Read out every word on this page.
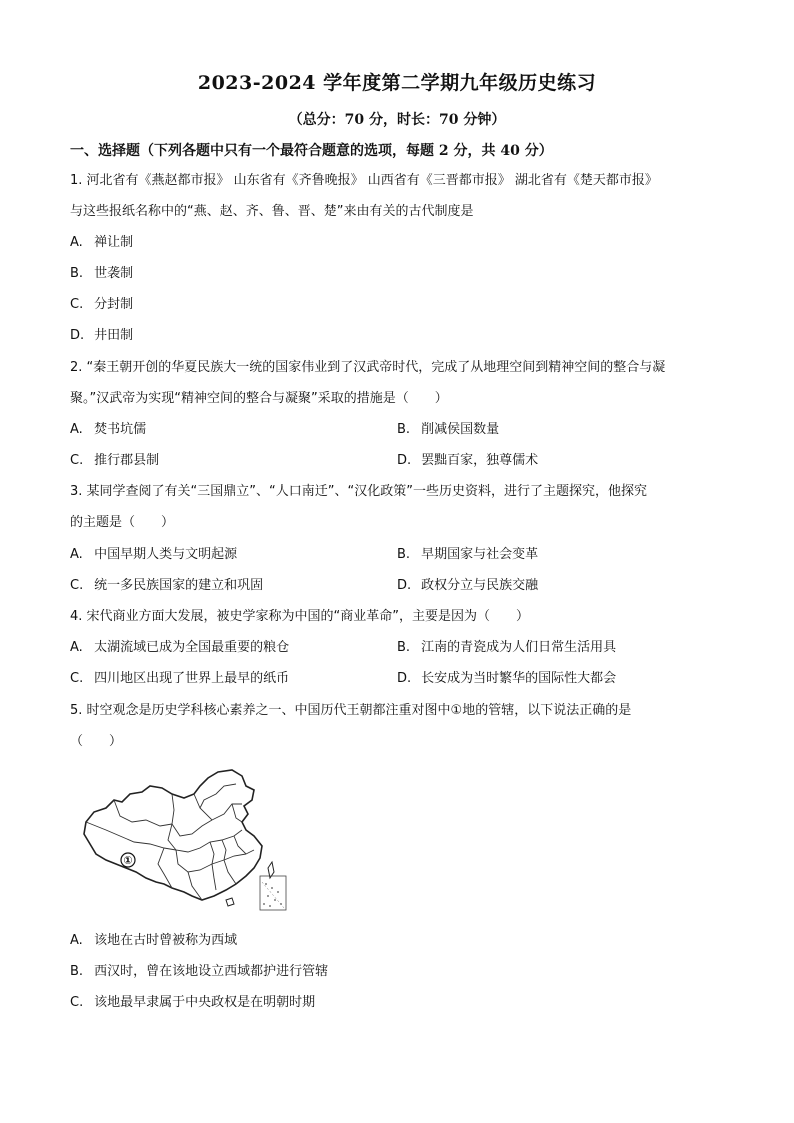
2023-2024 学年度第二学期九年级历史练习
（总分：70 分，时长：70 分钟）
一、选择题（下列各题中只有一个最符合题意的选项，每题 2 分，共 40 分）
1. 河北省有《燕赵都市报》 山东省有《齐鲁晚报》 山西省有《三晋都市报》 湖北省有《楚天都市报》
与这些报纸名称中的“燕、赵、齐、鲁、晋、楚”来由有关的古代制度是
A. 禅让制
B. 世袭制
C. 分封制
D. 井田制
2. “秦王朝开创的华夏民族大一统的国家伟业到了汉武帝时代，完成了从地理空间到精神空间的整合与凝
聚。”汉武帝为实现“精神空间的整合与凝聚”采取的措施是（　　）
A. 焚书坑儒	B. 削减侯国数量
C. 推行郡县制	D. 罢黜百家，独尊儒术
3. 某同学查阅了有关“三国鼎立”、“人口南迁”、“汉化政策”一些历史资料，进行了主题探究，他探究
的主题是（　　）
A. 中国早期人类与文明起源	B. 早期国家与社会变革
C. 统一多民族国家的建立和巩固	D. 政权分立与民族交融
4. 宋代商业方面大发展，被史学家称为中国的“商业革命”，主要是因为（　　）
A. 太湖流域已成为全国最重要的粮仓	B. 江南的青瓷成为人们日常生活用具
C. 四川地区出现了世界上最早的纸币	D. 长安成为当时繁华的国际性大都会
5. 时空观念是历史学科核心素养之一、中国历代王朝都注重对图中①地的管辖，以下说法正确的是
（　　）
①
A. 该地在古时曾被称为西域
B. 西汉时，曾在该地设立西域都护进行管辖
C. 该地最早隶属于中央政权是在明朝时期
